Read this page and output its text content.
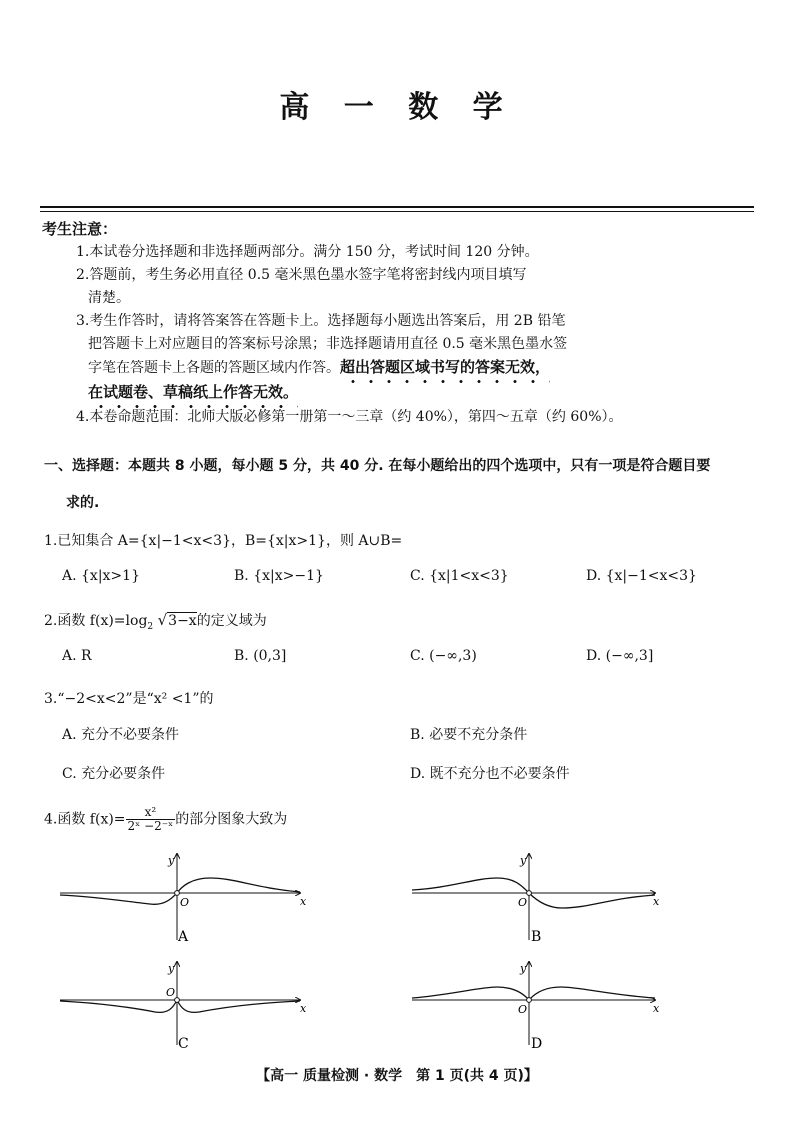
高 一 数 学
考生注意：
1.本试卷分选择题和非选择题两部分。满分 150 分，考试时间 120 分钟。
2.答题前，考生务必用直径 0.5 毫米黑色墨水签字笔将密封线内项目填写
清楚。
3.考生作答时，请将答案答在答题卡上。选择题每小题选出答案后，用 2B 铅笔
把答题卡上对应题目的答案标号涂黑；非选择题请用直径 0.5 毫米黑色墨水签
字笔在答题卡上各题的答题区域内作答。超出答题区域书写的答案无效，
在试题卷、草稿纸上作答无效。
4.本卷命题范围：北师大版必修第一册第一～三章（约 40%），第四～五章（约 60%）。
一、选择题：本题共 8 小题，每小题 5 分，共 40 分. 在每小题给出的四个选项中，只有一项是符合题目要
求的.
1.已知集合 A={x|−1<x<3}，B={x|x>1}，则 A∪B=
A. {x|x>1}	B. {x|x>−1}	C. {x|1<x<3}	D. {x|−1<x<3}
2.函数 $f(x)=\log_2$ √3−x的定义域为
A. R	B. (0,3]	C. (−∞,3)	D. (−∞,3]
3.“−2<x<2”是“x² <1”的
A. 充分不必要条件	B. 必要不充分条件
C. 充分必要条件	D. 既不充分也不必要条件
4.函数 $f(x)= \frac{\text{x²}}{\text{2ˣ −2⁻ˣ}}$ 的部分图象大致为
x
y
O
A
x
y
O
B
x
y
O
C
x
y
O
D
【高一 质量检测 · 数学　第 1 页(共 4 页)】
